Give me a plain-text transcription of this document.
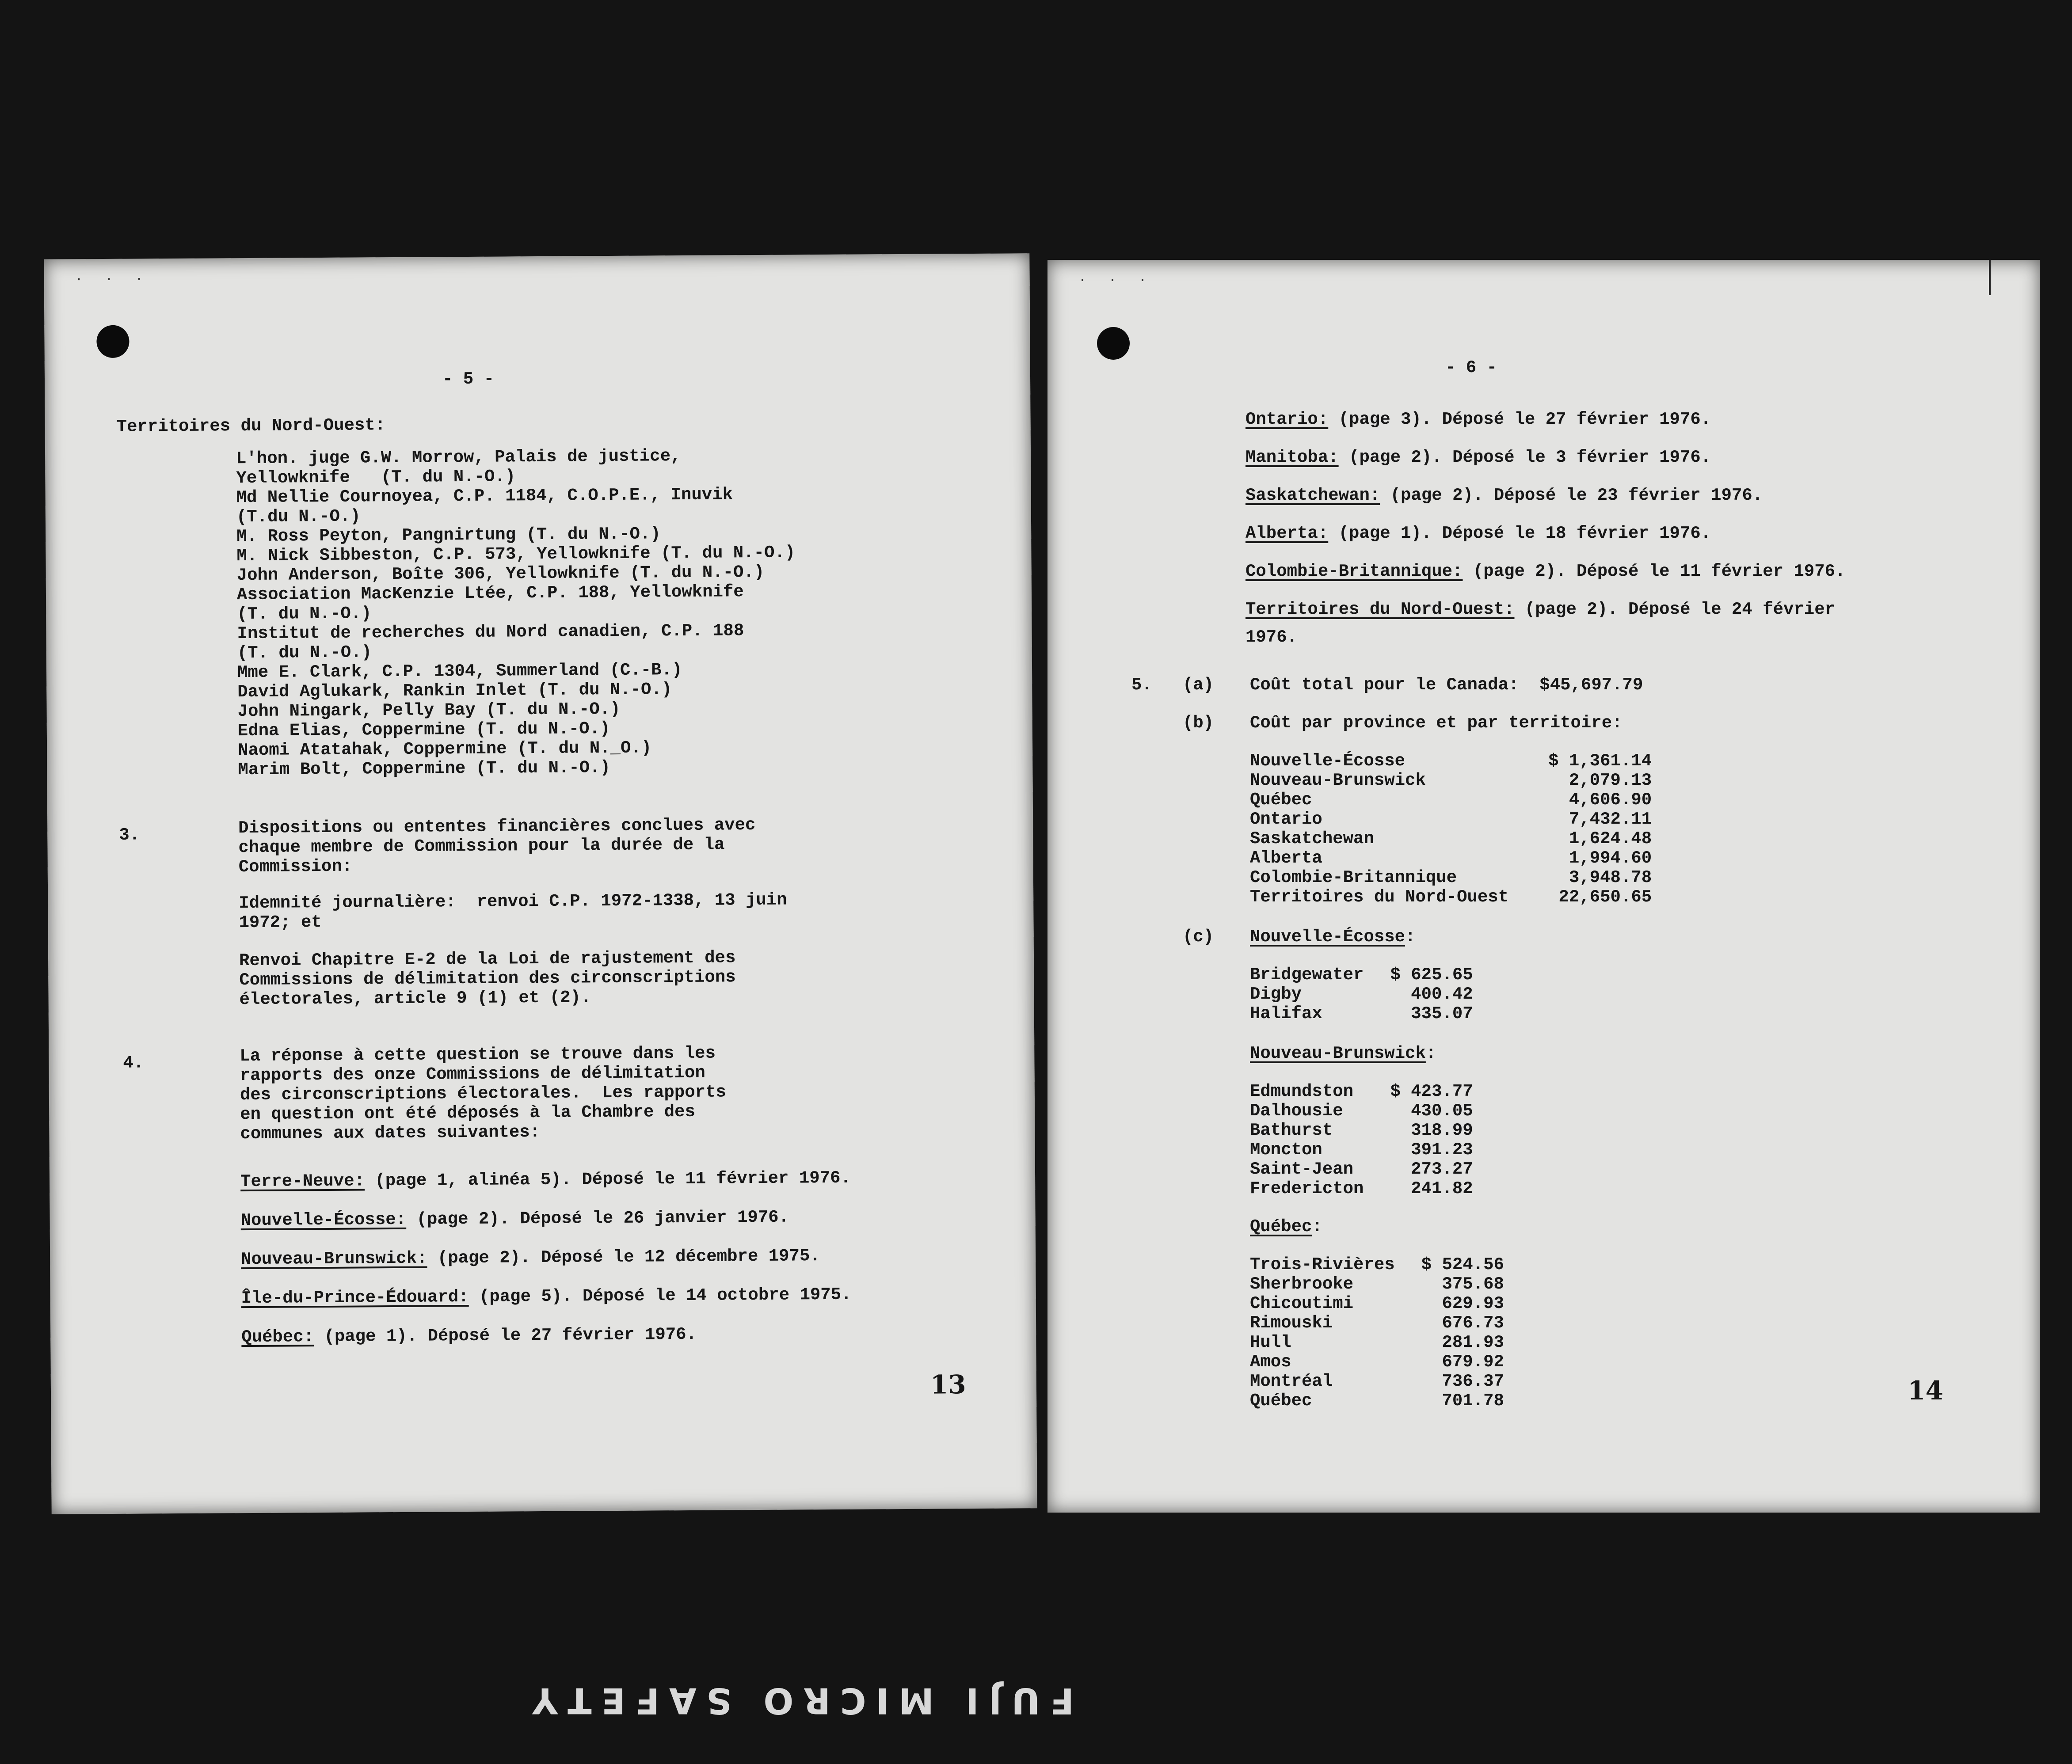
· · ·
- 5 -
Territoires du Nord-Ouest:
L'hon. juge G.W. Morrow, Palais de justice,
Yellowknife   (T. du N.-O.)
Md Nellie Cournoyea, C.P. 1184, C.O.P.E., Inuvik
(T.du N.-O.)
M. Ross Peyton, Pangnirtung (T. du N.-O.)
M. Nick Sibbeston, C.P. 573, Yellowknife (T. du N.-O.)
John Anderson, Boîte 306, Yellowknife (T. du N.-O.)
Association MacKenzie Ltée, C.P. 188, Yellowknife
(T. du N.-O.)
Institut de recherches du Nord canadien, C.P. 188
(T. du N.-O.)
Mme E. Clark, C.P. 1304, Summerland (C.-B.)
David Aglukark, Rankin Inlet (T. du N.-O.)
John Ningark, Pelly Bay (T. du N.-O.)
Edna Elias, Coppermine (T. du N.-O.)
Naomi Atatahak, Coppermine (T. du N._O.)
Marim Bolt, Coppermine (T. du N.-O.)
3.	Dispositions ou ententes financières conclues avec
chaque membre de Commission pour la durée de la
Commission:
Idemnité journalière:  renvoi C.P. 1972-1338, 13 juin
1972; et
Renvoi Chapitre E-2 de la Loi de rajustement des
Commissions de délimitation des circonscriptions
électorales, article 9 (1) et (2).
4.	La réponse à cette question se trouve dans les
rapports des onze Commissions de délimitation
des circonscriptions électorales.  Les rapports
en question ont été déposés à la Chambre des
communes aux dates suivantes:
Terre-Neuve: (page 1, alinéa 5). Déposé le 11 février 1976.
Nouvelle-Écosse: (page 2). Déposé le 26 janvier 1976.
Nouveau-Brunswick: (page 2). Déposé le 12 décembre 1975.
Île-du-Prince-Édouard: (page 5). Déposé le 14 octobre 1975.
Québec: (page 1). Déposé le 27 février 1976.
13
· · ·
- 6 -
Ontario: (page 3). Déposé le 27 février 1976.
Manitoba: (page 2). Déposé le 3 février 1976.
Saskatchewan: (page 2). Déposé le 23 février 1976.
Alberta: (page 1). Déposé le 18 février 1976.
Colombie-Britannique: (page 2). Déposé le 11 février 1976.
Territoires du Nord-Ouest: (page 2). Déposé le 24 février
1976.
5. (a) Coût total pour le Canada:  $45,697.79
(b) Coût par province et par territoire:
Nouvelle-Écosse	$ 1,361.14
Nouveau-Brunswick	2,079.13
Québec	4,606.90
Ontario	7,432.11
Saskatchewan	1,624.48
Alberta	1,994.60
Colombie-Britannique	3,948.78
Territoires du Nord-Ouest	22,650.65
(c) Nouvelle-Écosse:
Bridgewater	$ 625.65
Digby	400.42
Halifax	335.07
Nouveau-Brunswick:
Edmundston	$ 423.77
Dalhousie	430.05
Bathurst	318.99
Moncton	391.23
Saint-Jean	273.27
Fredericton	241.82
Québec:
Trois-Rivières	$ 524.56
Sherbrooke	375.68
Chicoutimi	629.93
Rimouski	676.73
Hull	281.93
Amos	679.92
Montréal	736.37
Québec	701.78	14
FUJI MICRO SAFETY
